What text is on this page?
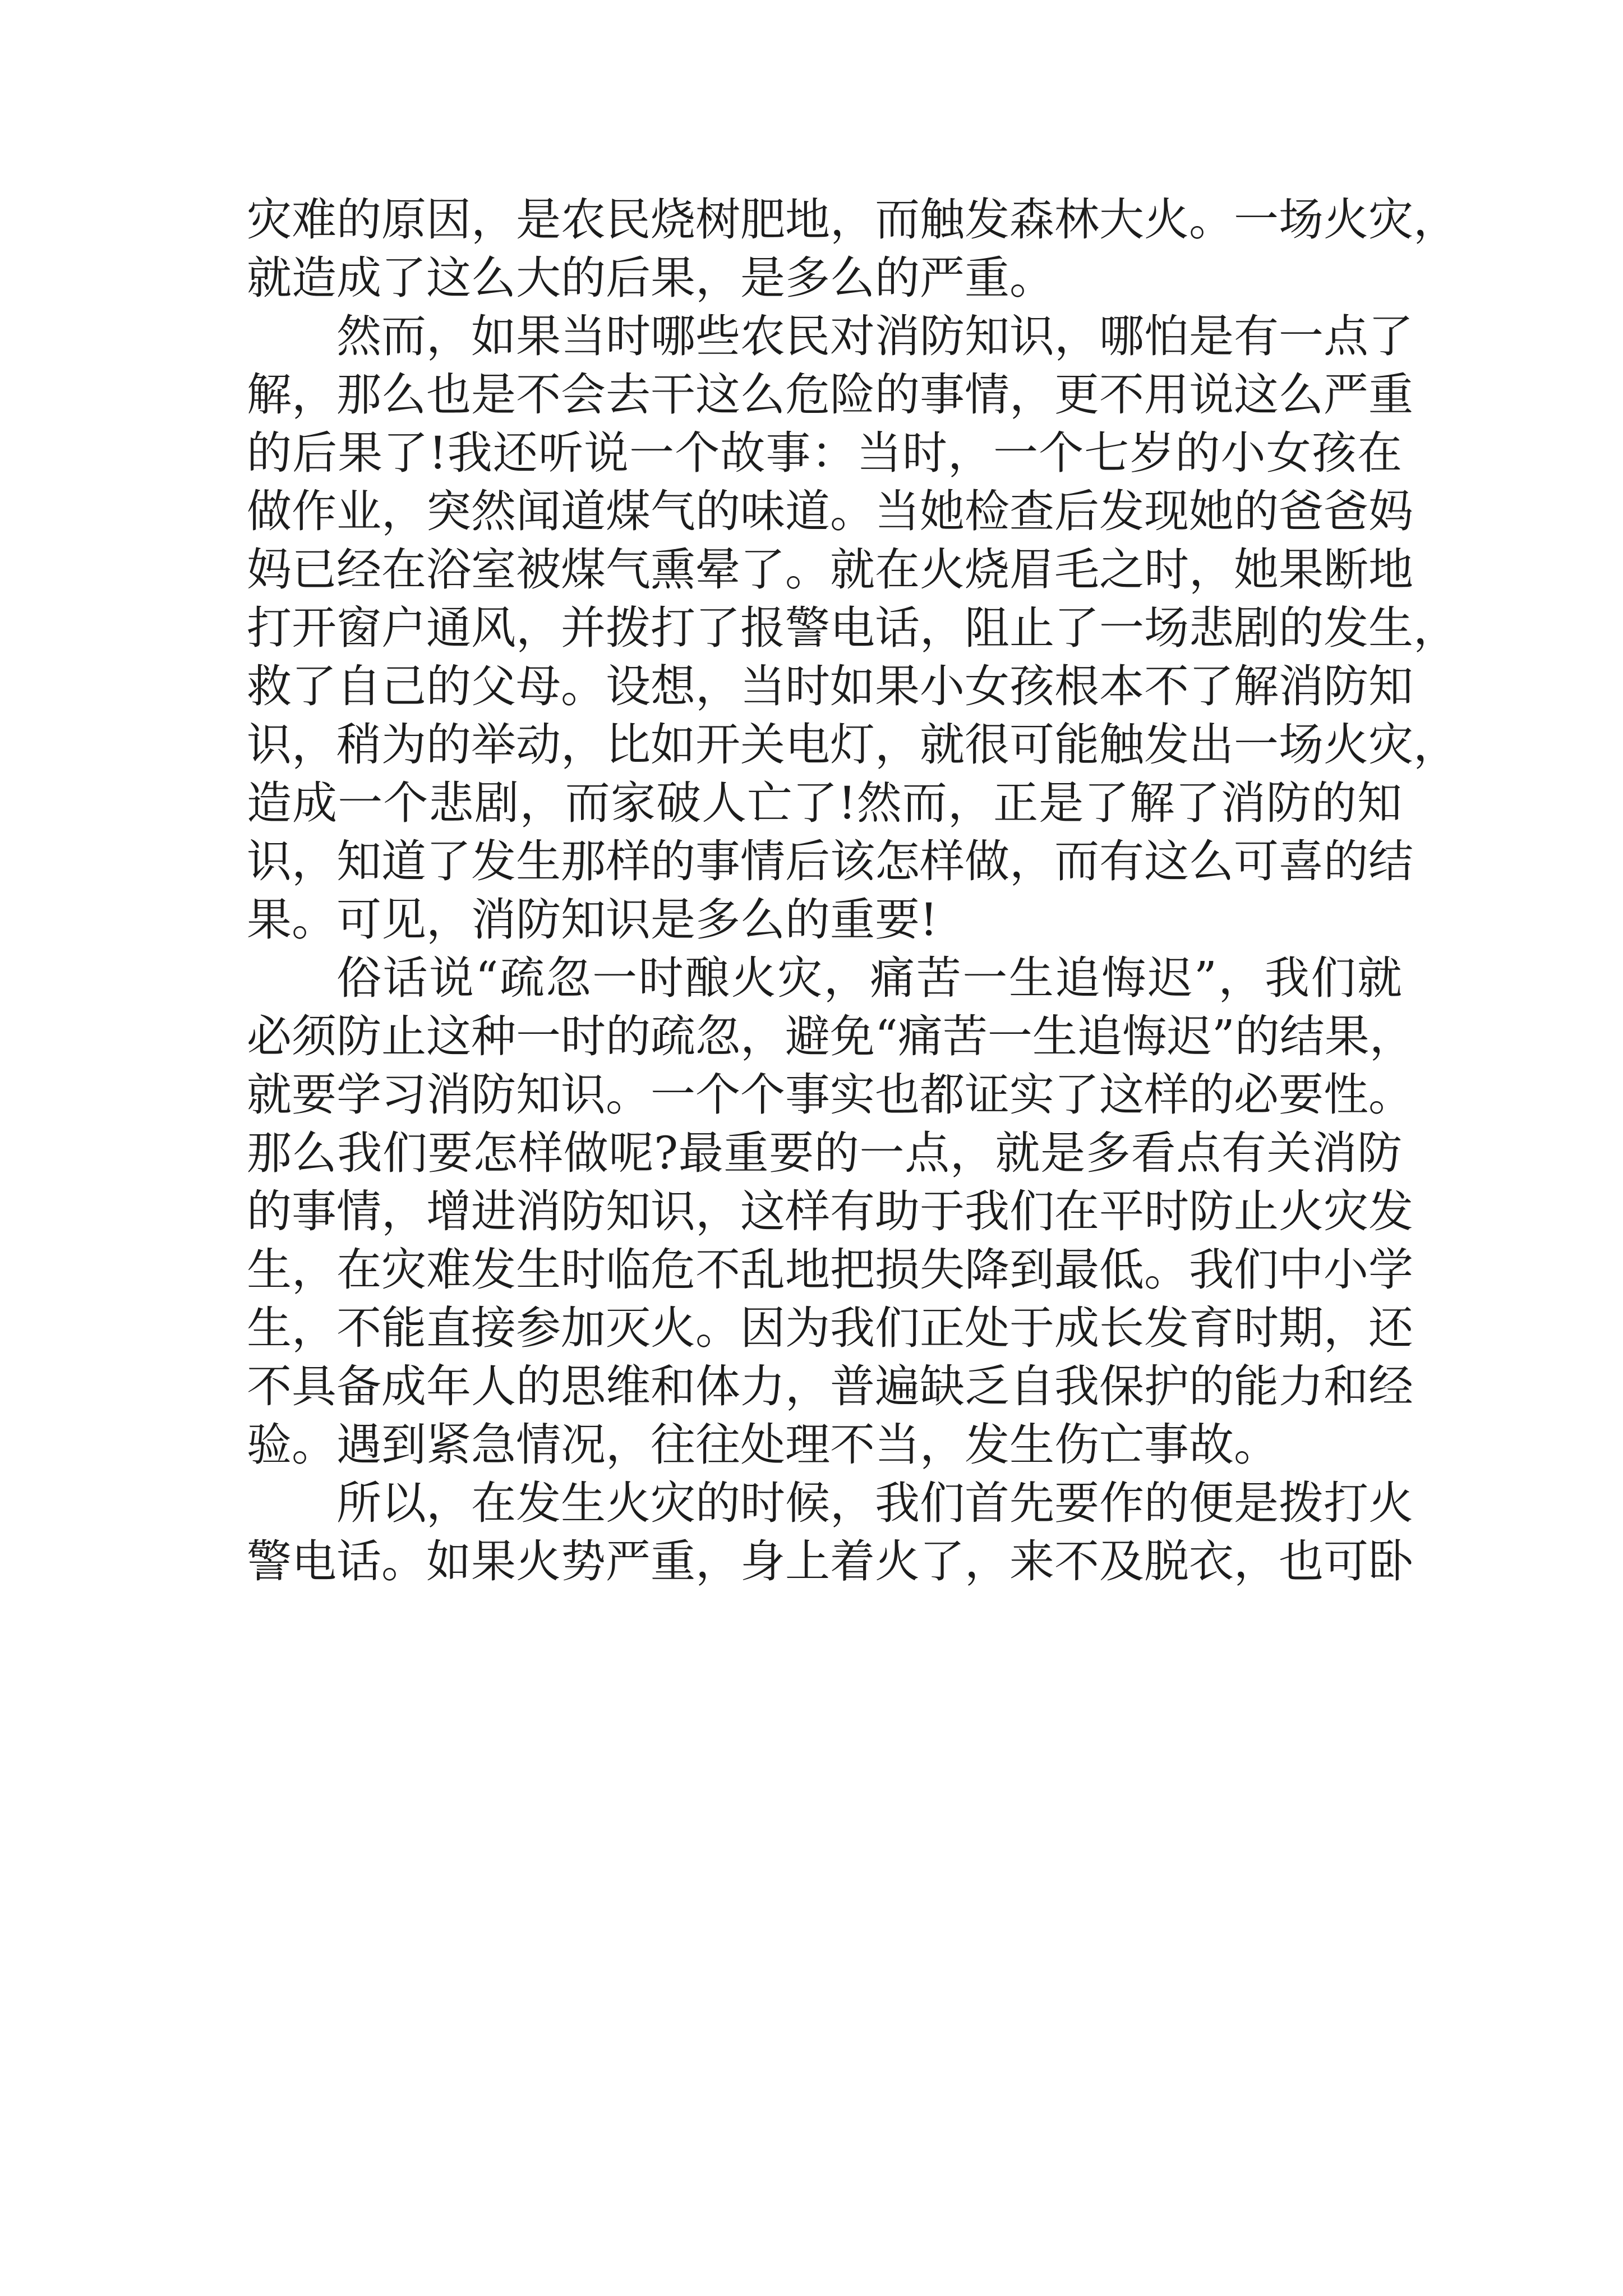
灾难的原因，是农民烧树肥地，而触发森林大火。一场火灾，
就造成了这么大的后果，是多么的严重。
然而，如果当时哪些农民对消防知识，哪怕是有一点了
解，那么也是不会去干这么危险的事情，更不用说这么严重
的后果了!我还听说一个故事：当时，一个七岁的小女孩在
做作业，突然闻道煤气的味道。当她检查后发现她的爸爸妈
妈已经在浴室被煤气熏晕了。就在火烧眉毛之时，她果断地
打开窗户通风，并拨打了报警电话，阻止了一场悲剧的发生，
救了自己的父母。设想，当时如果小女孩根本不了解消防知
识，稍为的举动，比如开关电灯，就很可能触发出一场火灾，
造成一个悲剧，而家破人亡了!然而，正是了解了消防的知
识，知道了发生那样的事情后该怎样做，而有这么可喜的结
果。可见，消防知识是多么的重要!
俗话说“疏忽一时酿火灾，痛苦一生追悔迟”，我们就
必须防止这种一时的疏忽，避免“痛苦一生追悔迟”的结果，
就要学习消防知识。一个个事实也都证实了这样的必要性。
那么我们要怎样做呢?最重要的一点，就是多看点有关消防
的事情，增进消防知识，这样有助于我们在平时防止火灾发
生，在灾难发生时临危不乱地把损失降到最低。我们中小学
生，不能直接参加灭火。因为我们正处于成长发育时期，还
不具备成年人的思维和体力，普遍缺乏自我保护的能力和经
验。遇到紧急情况，往往处理不当，发生伤亡事故。
所以，在发生火灾的时候，我们首先要作的便是拨打火
警电话。如果火势严重，身上着火了，来不及脱衣，也可卧
